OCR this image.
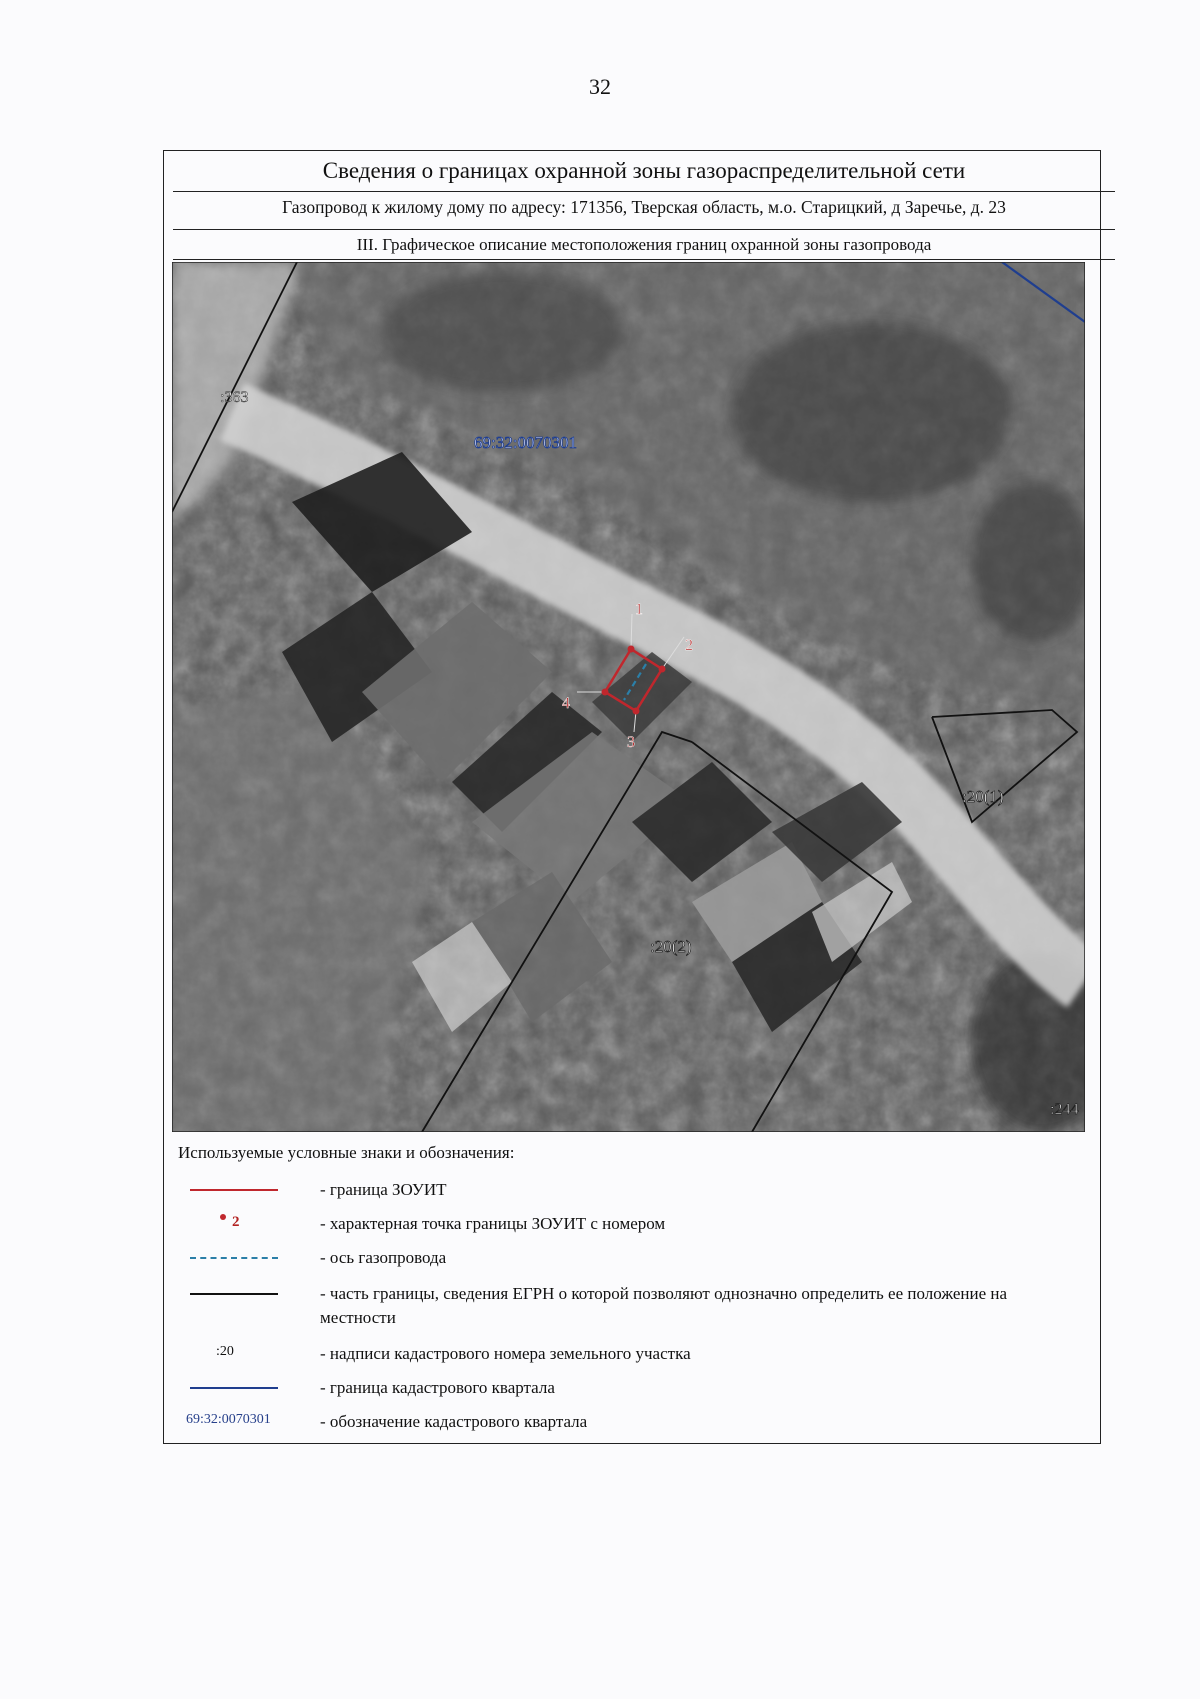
32
Сведения о границах охранной зоны газораспределительной сети
Газопровод к жилому дому по адресу: 171356, Тверская область, м.о. Старицкий, д Заречье, д. 23
III. Графическое описание местоположения границ охранной зоны газопровода
:363
69:32:0070301
:20(1)
:20(2)
:244
1
2
3
4
Используемые условные знаки и обозначения:
- граница ЗОУИТ
2	- характерная точка границы ЗОУИТ с номером
- ось газопровода
- часть границы, сведения ЕГРН о которой позволяют однозначно определить ее положение на местности
:20	- надписи кадастрового номера земельного участка
- граница кадастрового квартала
69:32:0070301	- обозначение кадастрового квартала
